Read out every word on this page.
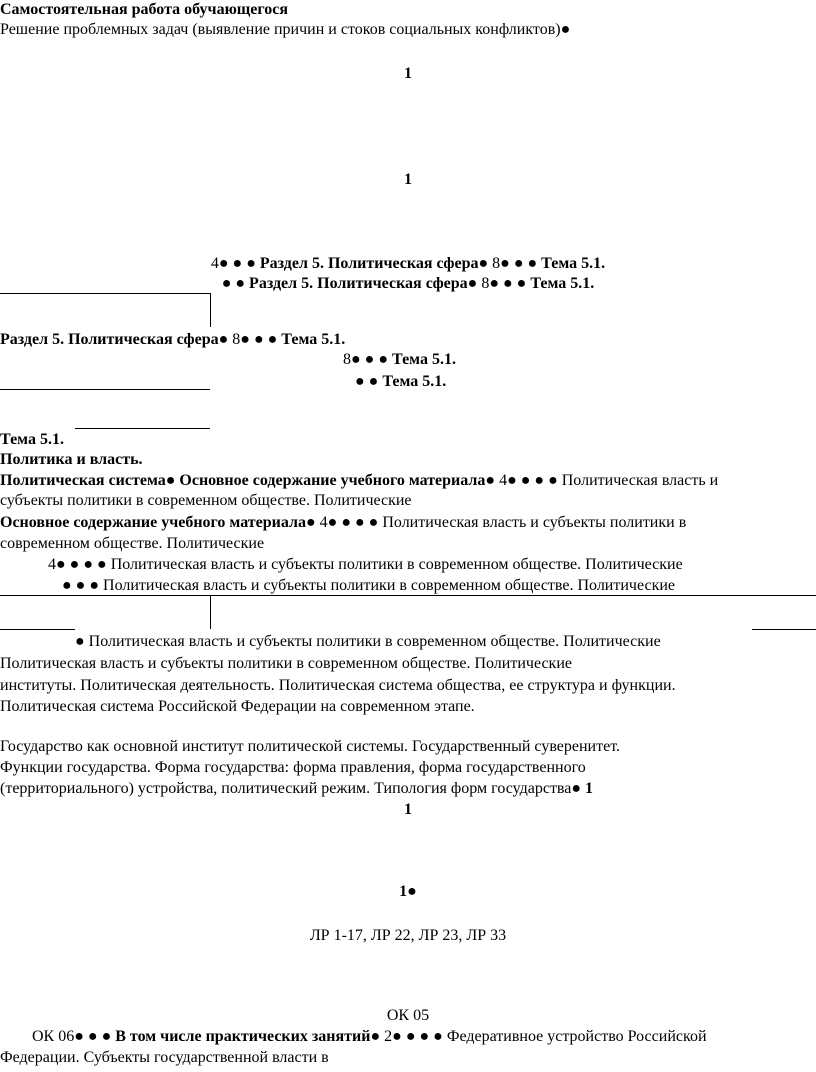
Самостоятельная работа обучающегося
Решение проблемных задач (выявление причин и стоков социальных конфликтов)●
1
1
4● ● ● Раздел 5. Политическая сфера● 8● ● ● Тема 5.1.
● ● Раздел 5. Политическая сфера● 8● ● ● Тема 5.1.
Раздел 5. Политическая сфера● 8● ● ● Тема 5.1.
8● ● ● Тема 5.1.
● ● Тема 5.1.
Тема 5.1.
Политика и власть.
Политическая система● Основное содержание учебного материала● 4● ● ● ● Политическая власть и
субъекты политики в современном обществе. Политические
Основное содержание учебного материала● 4● ● ● ● Политическая власть и субъекты политики в
современном обществе. Политические
4● ● ● ● Политическая власть и субъекты политики в современном обществе. Политические
● ● ● Политическая власть и субъекты политики в современном обществе. Политические
● Политическая власть и субъекты политики в современном обществе. Политические
Политическая власть и субъекты политики в современном обществе. Политические
институты. Политическая деятельность. Политическая система общества, ее структура и функции.
Политическая система Российской Федерации на современном этапе.
Государство как основной институт политической системы. Государственный суверенитет.
Функции государства. Форма государства: форма правления, форма государственного
(территориального) устройства, политический режим. Типология форм государства● 1
1
1●
ЛР 1-17, ЛР 22, ЛР 23, ЛР 33
ОК 05
ОК 06● ● ● В том числе практических занятий● 2● ● ● ● Федеративное устройство Российской
Федерации. Субъекты государственной власти в
